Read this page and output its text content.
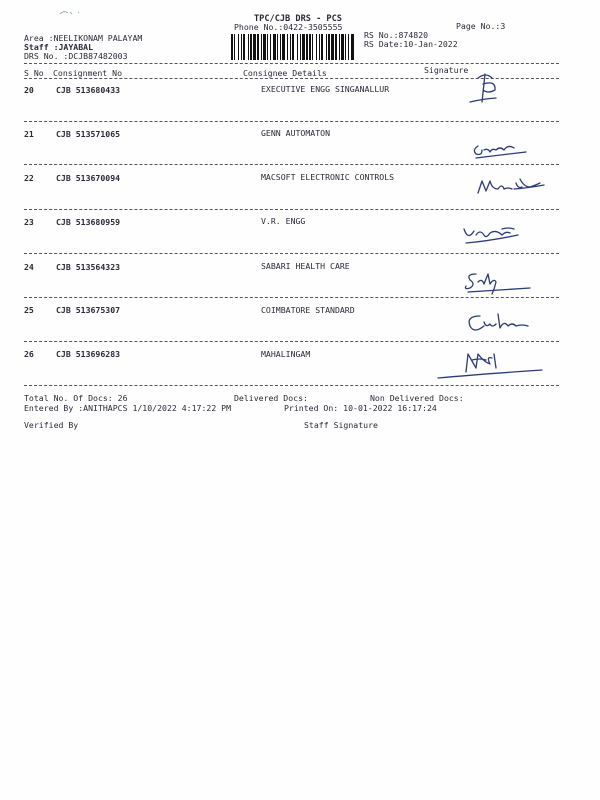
TPC/CJB DRS - PCS
Phone No.:0422-3505555	Page No.:3
Area :NEELIKONAM PALAYAM
Staff :JAYABAL
DRS No. :DCJB87482003
RS No.:874820
RS Date:10-Jan-2022
S No Consignment No	Consignee Details	Signature
20	CJB 513680433	EXECUTIVE ENGG SINGANALLUR
21	CJB 513571065	GENN AUTOMATON
22	CJB 513670094	MACSOFT ELECTRONIC CONTROLS
23	CJB 513680959	V.R. ENGG
24	CJB 513564323	SABARI HEALTH CARE
25	CJB 513675307	COIMBATORE STANDARD
26	CJB 513696283	MAHALINGAM
Total No. Of Docs: 26	Delivered Docs:	Non Delivered Docs:
Entered By :ANITHAPCS 1/10/2022 4:17:22 PM	Printed On: 10-01-2022 16:17:24
Verified By	Staff Signature
